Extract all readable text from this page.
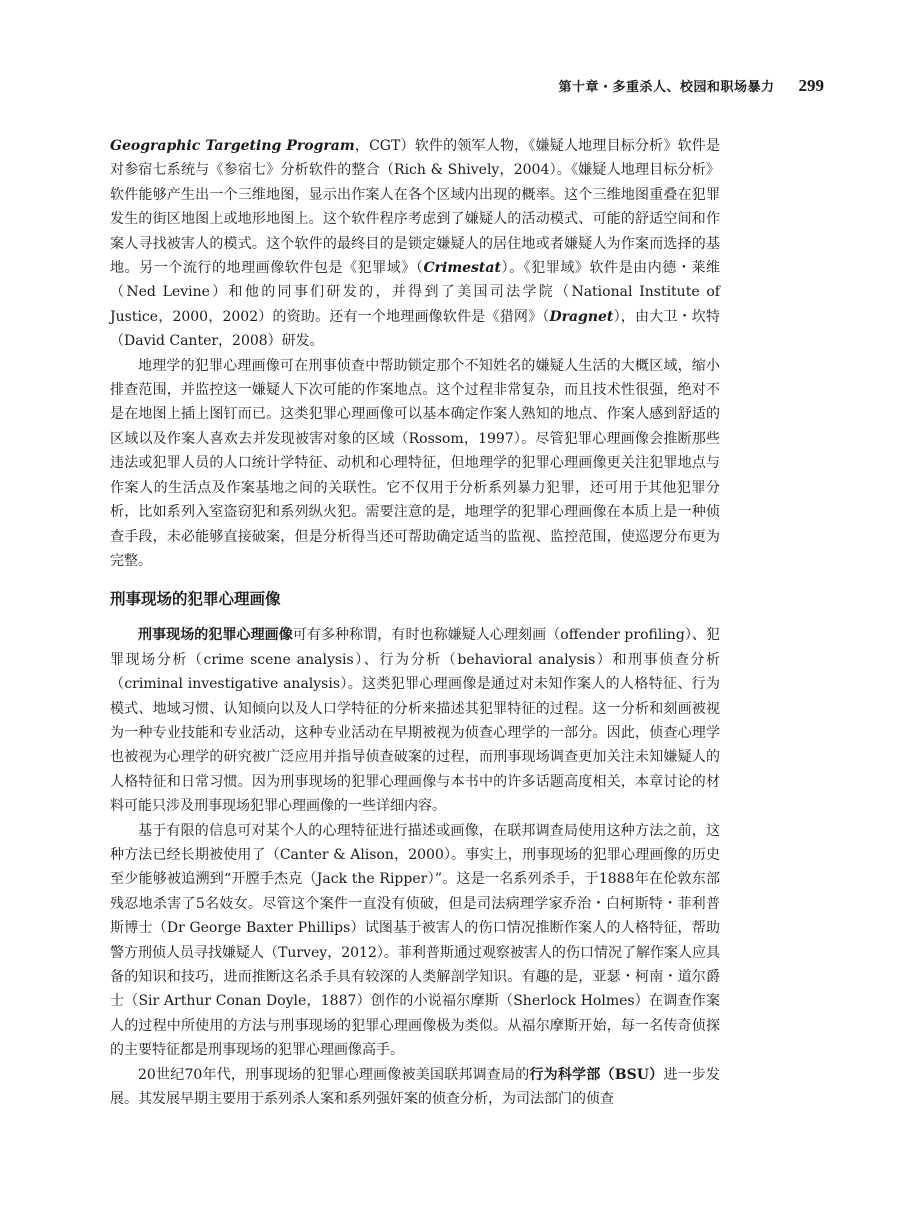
第十章・多重杀人、校园和职场暴力 299

Geographic Targeting Program，CGT）软件的领军人物，《嫌疑人地理目标分析》软件是对参宿七系统与《参宿七》分析软件的整合（Rich & Shively，2004）。《嫌疑人地理目标分析》软件能够产生出一个三维地图，显示出作案人在各个区域内出现的概率。这个三维地图重叠在犯罪发生的街区地图上或地形地图上。这个软件程序考虑到了嫌疑人的活动模式、可能的舒适空间和作案人寻找被害人的模式。这个软件的最终目的是锁定嫌疑人的居住地或者嫌疑人为作案而选择的基地。另一个流行的地理画像软件包是《犯罪域》（Crimestat）。《犯罪域》软件是由内德・莱维（Ned Levine）和他的同事们研发的，并得到了美国司法学院（National Institute of Justice，2000，2002）的资助。还有一个地理画像软件是《猎网》（Dragnet），由大卫・坎特（David Canter，2008）研发。

地理学的犯罪心理画像可在刑事侦查中帮助锁定那个不知姓名的嫌疑人生活的大概区域，缩小排查范围，并监控这一嫌疑人下次可能的作案地点。这个过程非常复杂，而且技术性很强，绝对不是在地图上插上图钉而已。这类犯罪心理画像可以基本确定作案人熟知的地点、作案人感到舒适的区域以及作案人喜欢去并发现被害对象的区域（Rossom，1997）。尽管犯罪心理画像会推断那些违法或犯罪人员的人口统计学特征、动机和心理特征，但地理学的犯罪心理画像更关注犯罪地点与作案人的生活点及作案基地之间的关联性。它不仅用于分析系列暴力犯罪，还可用于其他犯罪分析，比如系列入室盗窃犯和系列纵火犯。需要注意的是，地理学的犯罪心理画像在本质上是一种侦查手段，未必能够直接破案，但是分析得当还可帮助确定适当的监视、监控范围，使巡逻分布更为完整。

刑事现场的犯罪心理画像

刑事现场的犯罪心理画像可有多种称谓，有时也称嫌疑人心理刻画（offender profiling）、犯罪现场分析（crime scene analysis）、行为分析（behavioral analysis）和刑事侦查分析（criminal investigative analysis）。这类犯罪心理画像是通过对未知作案人的人格特征、行为模式、地域习惯、认知倾向以及人口学特征的分析来描述其犯罪特征的过程。这一分析和刻画被视为一种专业技能和专业活动，这种专业活动在早期被视为侦查心理学的一部分。因此，侦查心理学也被视为心理学的研究被广泛应用并指导侦查破案的过程，而刑事现场调查更加关注未知嫌疑人的人格特征和日常习惯。因为刑事现场的犯罪心理画像与本书中的许多话题高度相关，本章讨论的材料可能只涉及刑事现场犯罪心理画像的一些详细内容。

基于有限的信息可对某个人的心理特征进行描述或画像，在联邦调查局使用这种方法之前，这种方法已经长期被使用了（Canter & Alison，2000）。事实上，刑事现场的犯罪心理画像的历史至少能够被追溯到“开膛手杰克（Jack the Ripper）”。这是一名系列杀手，于1888年在伦敦东部残忍地杀害了5名妓女。尽管这个案件一直没有侦破，但是司法病理学家乔治・白柯斯特・菲利普斯博士（Dr George Baxter Phillips）试图基于被害人的伤口情况推断作案人的人格特征，帮助警方刑侦人员寻找嫌疑人（Turvey，2012）。菲利普斯通过观察被害人的伤口情况了解作案人应具备的知识和技巧，进而推断这名杀手具有较深的人类解剖学知识。有趣的是，亚瑟・柯南・道尔爵士（Sir Arthur Conan Doyle，1887）创作的小说福尔摩斯（Sherlock Holmes）在调查作案人的过程中所使用的方法与刑事现场的犯罪心理画像极为类似。从福尔摩斯开始，每一名传奇侦探的主要特征都是刑事现场的犯罪心理画像高手。

20世纪70年代，刑事现场的犯罪心理画像被美国联邦调查局的行为科学部（BSU）进一步发展。其发展早期主要用于系列杀人案和系列强奸案的侦查分析，为司法部门的侦查
